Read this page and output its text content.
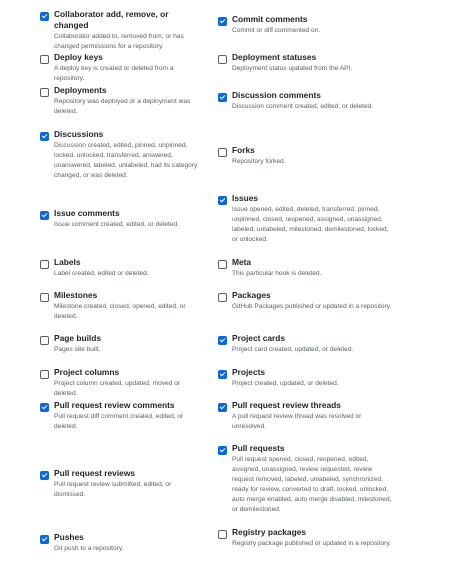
Collaborator add, remove, or changed
Collaborator added to, removed from, or has changed permissions for a repository.
Deploy keys
A deploy key is created or deleted from a repository.
Deployments
Repository was deployed or a deployment was deleted.
Discussions
Discussion created, edited, pinned, unpinned, locked, unlocked, transferred, answered, unanswered, labeled, unlabeled, had its category changed, or was deleted.
Issue comments
Issue comment created, edited, or deleted.
Labels
Label created, edited or deleted.
Milestones
Milestone created, closed, opened, edited, or deleted.
Page builds
Pages site built.
Project columns
Project column created, updated, moved or deleted.
Pull request review comments
Pull request diff comment created, edited, or deleted.
Pull request reviews
Pull request review submitted, edited, or dismissed.
Pushes
Git push to a repository.
Commit comments
Commit or diff commented on.
Deployment statuses
Deployment status updated from the API.
Discussion comments
Discussion comment created, edited, or deleted.
Forks
Repository forked.
Issues
Issue opened, edited, deleted, transferred, pinned, unpinned, closed, reopened, assigned, unassigned, labeled, unlabeled, milestoned, demilestoned, locked, or unlocked.
Meta
This particular hook is deleted.
Packages
GitHub Packages published or updated in a repository.
Project cards
Project card created, updated, or deleted.
Projects
Project created, updated, or deleted.
Pull request review threads
A pull request review thread was resolved or unresolved.
Pull requests
Pull request opened, closed, reopened, edited, assigned, unassigned, review requested, review request removed, labeled, unlabeled, synchronized, ready for review, converted to draft, locked, unlocked, auto merge enabled, auto merge disabled, milestoned, or demilestoned.
Registry packages
Registry package published or updated in a repository.
